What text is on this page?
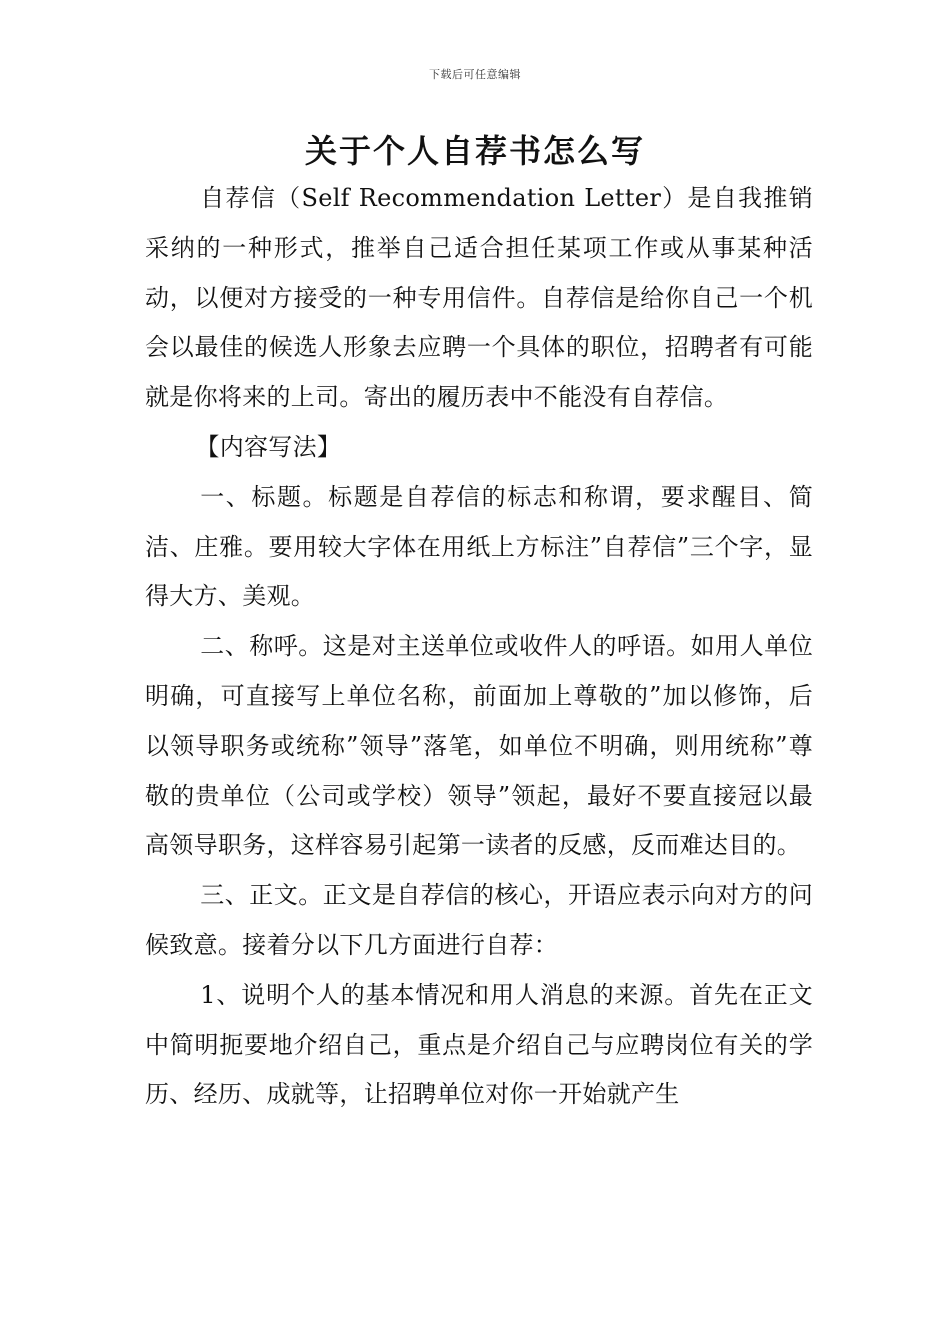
下载后可任意编辑
关于个人自荐书怎么写

自荐信（Self Recommendation Letter）是自我推销采纳的一种形式，推举自己适合担任某项工作或从事某种活动，以便对方接受的一种专用信件。自荐信是给你自己一个机会以最佳的候选人形象去应聘一个具体的职位，招聘者有可能就是你将来的上司。寄出的履历表中不能没有自荐信。

【内容写法】

一、标题。标题是自荐信的标志和称谓，要求醒目、简洁、庄雅。要用较大字体在用纸上方标注”自荐信”三个字，显得大方、美观。

二、称呼。这是对主送单位或收件人的呼语。如用人单位明确，可直接写上单位名称，前面加上尊敬的”加以修饰，后以领导职务或统称”领导”落笔，如单位不明确，则用统称”尊敬的贵单位（公司或学校）领导”领起，最好不要直接冠以最高领导职务，这样容易引起第一读者的反感，反而难达目的。

三、正文。正文是自荐信的核心，开语应表示向对方的问候致意。接着分以下几方面进行自荐：

1、说明个人的基本情况和用人消息的来源。首先在正文中简明扼要地介绍自己，重点是介绍自己与应聘岗位有关的学历、经历、成就等，让招聘单位对你一开始就产生
